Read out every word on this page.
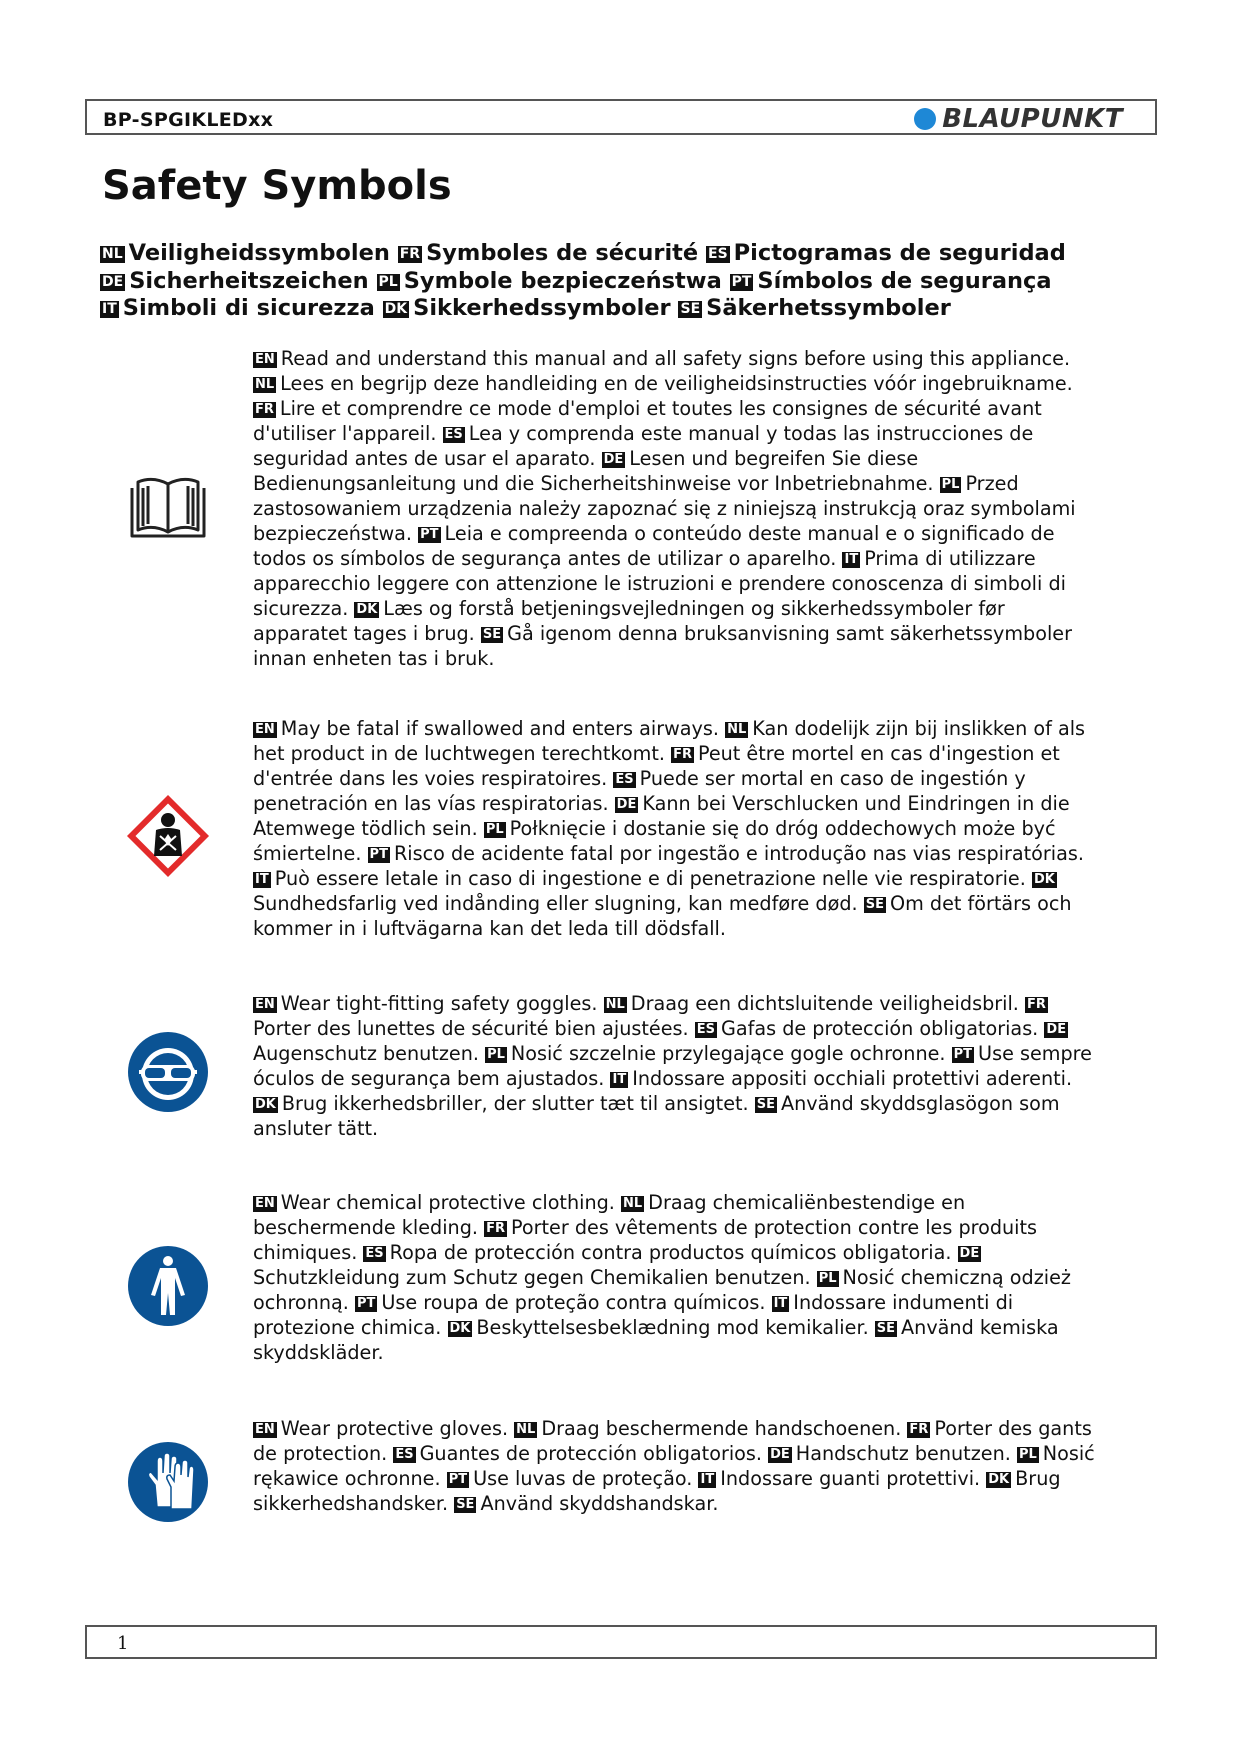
BP-SPGIKLEDxx	BLAUPUNKT
Safety Symbols
NL Veiligheidssymbolen FR Symboles de sécurité ES Pictogramas de seguridad
DE Sicherheitszeichen PL Symbole bezpieczeństwa PT Símbolos de segurança
IT Simboli di sicurezza DK Sikkerhedssymboler SE Säkerhetssymboler

EN Read and understand this manual and all safety signs before using this appliance. NL Lees en begrijp deze handleiding en de veiligheidsinstructies vóór ingebruikname. FR Lire et comprendre ce mode d'emploi et toutes les consignes de sécurité avant d'utiliser l'appareil. ES Lea y comprenda este manual y todas las instrucciones de seguridad antes de usar el aparato. DE Lesen und begreifen Sie diese Bedienungsanleitung und die Sicherheitshinweise vor Inbetriebnahme. PL Przed zastosowaniem urządzenia należy zapoznać się z niniejszą instrukcją oraz symbolami bezpieczeństwa. PT Leia e compreenda o conteúdo deste manual e o significado de todos os símbolos de segurança antes de utilizar o aparelho. IT Prima di utilizzare apparecchio leggere con attenzione le istruzioni e prendere conoscenza di simboli di sicurezza. DK Læs og forstå betjeningsvejledningen og sikkerhedssymboler før apparatet tages i brug. SE Gå igenom denna bruksanvisning samt säkerhetssymboler innan enheten tas i bruk.

EN May be fatal if swallowed and enters airways. NL Kan dodelijk zijn bij inslikken of als het product in de luchtwegen terechtkomt. FR Peut être mortel en cas d'ingestion et d'entrée dans les voies respiratoires. ES Puede ser mortal en caso de ingestión y penetración en las vías respiratorias. DE Kann bei Verschlucken und Eindringen in die Atemwege tödlich sein. PL Połknięcie i dostanie się do dróg oddechowych może być śmiertelne. PT Risco de acidente fatal por ingestão e introdução nas vias respiratórias. IT Può essere letale in caso di ingestione e di penetrazione nelle vie respiratorie. DKSundhedsfarlig ved indånding eller slugning, kan medføre død. SE Om det förtärs och kommer in i luftvägarna kan det leda till dödsfall.

EN Wear tight-fitting safety goggles. NL Draag een dichtsluitende veiligheidsbril. FRPorter des lunettes de sécurité bien ajustées. ES Gafas de protección obligatorias. DEAugenschutz benutzen. PL Nosić szczelnie przylegające gogle ochronne. PT Use sempre óculos de segurança bem ajustados. IT Indossare appositi occhiali protettivi aderenti. DK Brug ikkerhedsbriller, der slutter tæt til ansigtet. SE Använd skyddsglasögon som ansluter tätt.

EN Wear chemical protective clothing. NL Draag chemicaliënbestendige en beschermende kleding. FR Porter des vêtements de protection contre les produits chimiques. ES Ropa de protección contra productos químicos obligatoria. DESchutzkleidung zum Schutz gegen Chemikalien benutzen. PL Nosić chemiczną odzież ochronną. PT Use roupa de proteção contra químicos. IT Indossare indumenti di protezione chimica. DK Beskyttelsesbeklædning mod kemikalier. SE Använd kemiska skyddskläder.

EN Wear protective gloves. NL Draag beschermende handschoenen. FR Porter des gants de protection. ES Guantes de protección obligatorios. DE Handschutz benutzen. PL Nosić rękawice ochronne. PT Use luvas de proteção. IT Indossare guanti protettivi. DK Brug sikkerhedshandsker. SE Använd skyddshandskar.

1
